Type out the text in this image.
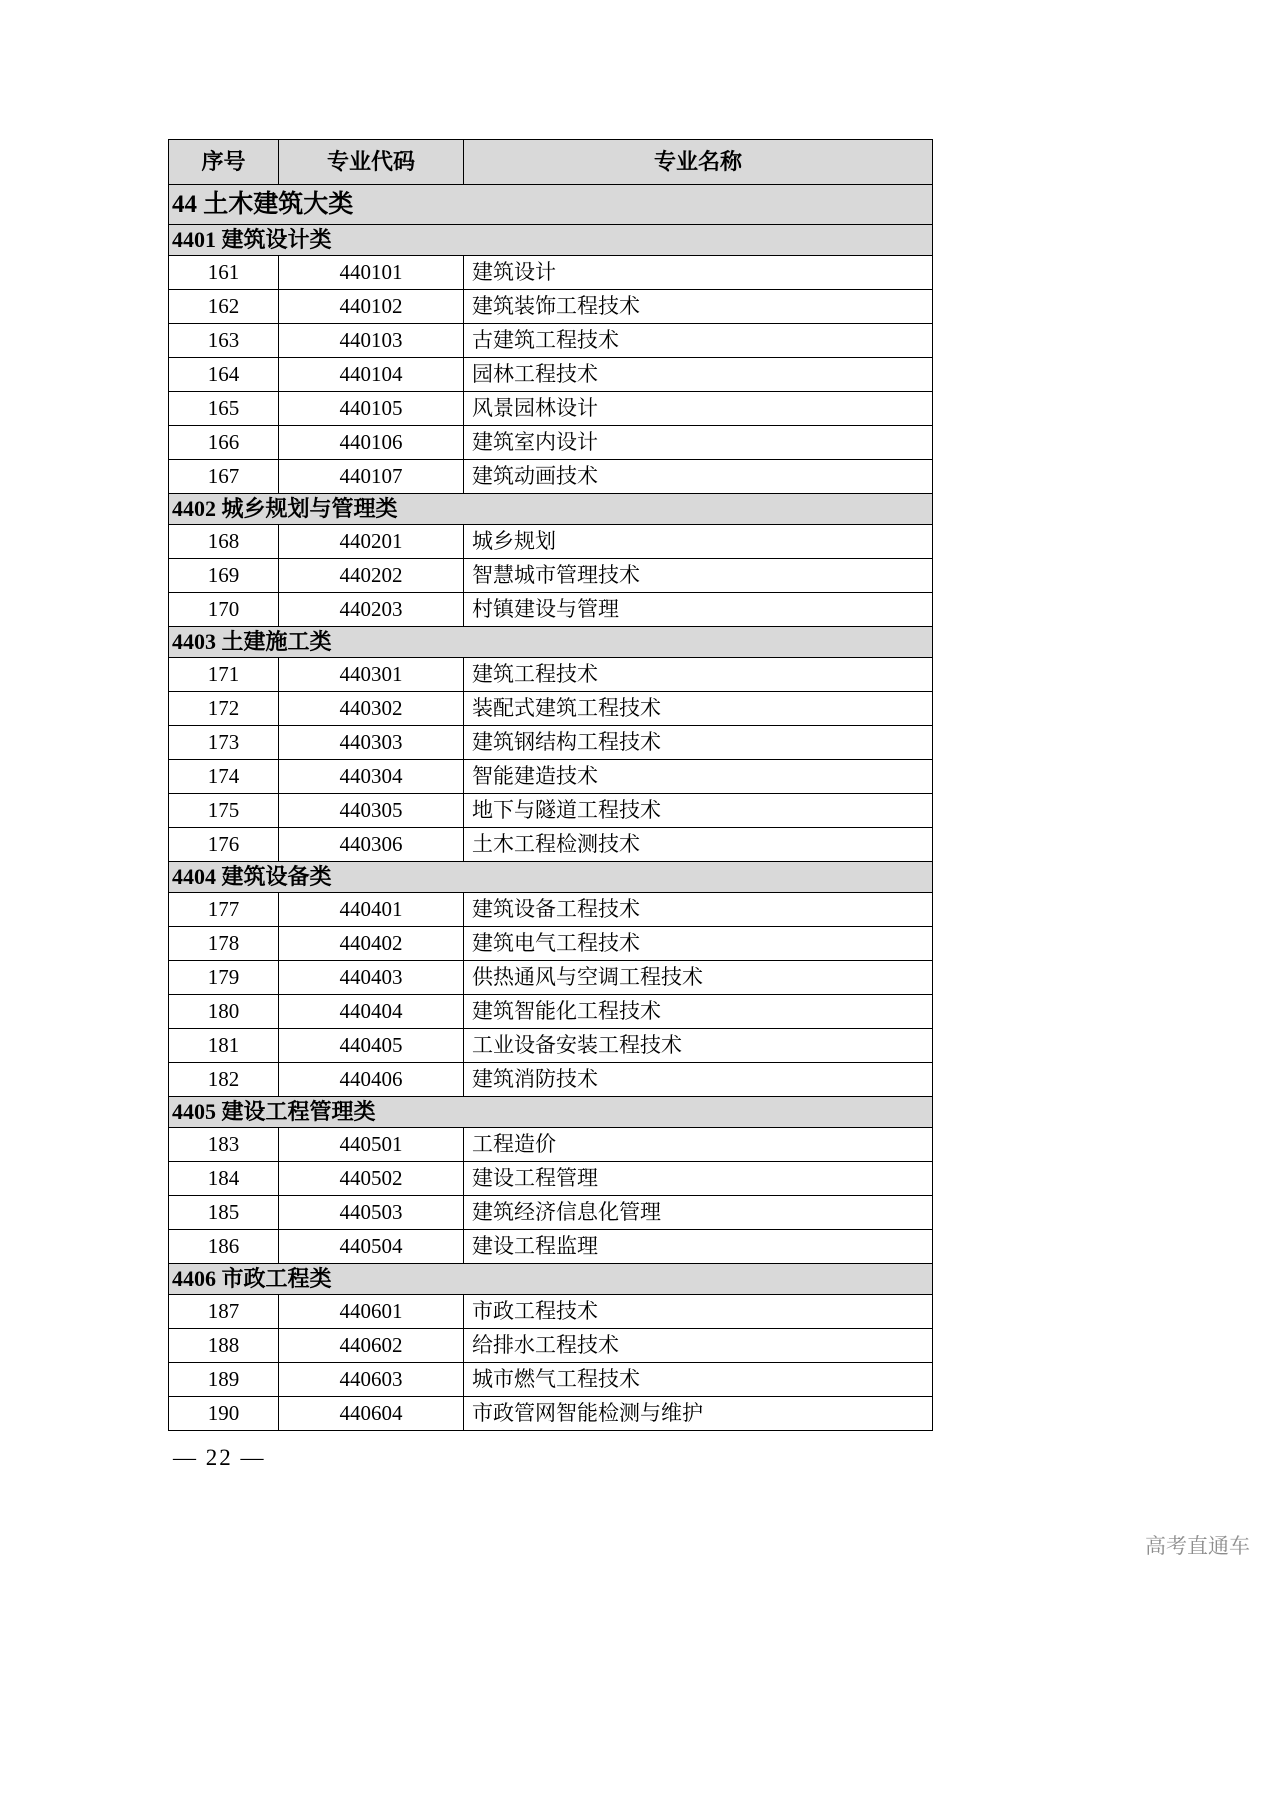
序号	专业代码	专业名称
44 土木建筑大类		
4401 建筑设计类		
161	440101	建筑设计
162	440102	建筑装饰工程技术
163	440103	古建筑工程技术
164	440104	园林工程技术
165	440105	风景园林设计
166	440106	建筑室内设计
167	440107	建筑动画技术
4402 城乡规划与管理类		
168	440201	城乡规划
169	440202	智慧城市管理技术
170	440203	村镇建设与管理
4403 土建施工类		
171	440301	建筑工程技术
172	440302	装配式建筑工程技术
173	440303	建筑钢结构工程技术
174	440304	智能建造技术
175	440305	地下与隧道工程技术
176	440306	土木工程检测技术
4404 建筑设备类		
177	440401	建筑设备工程技术
178	440402	建筑电气工程技术
179	440403	供热通风与空调工程技术
180	440404	建筑智能化工程技术
181	440405	工业设备安装工程技术
182	440406	建筑消防技术
4405 建设工程管理类		
183	440501	工程造价
184	440502	建设工程管理
185	440503	建筑经济信息化管理
186	440504	建设工程监理
4406 市政工程类		
187	440601	市政工程技术
188	440602	给排水工程技术
189	440603	城市燃气工程技术
190	440604	市政管网智能检测与维护
— 22 —
高考直通车
